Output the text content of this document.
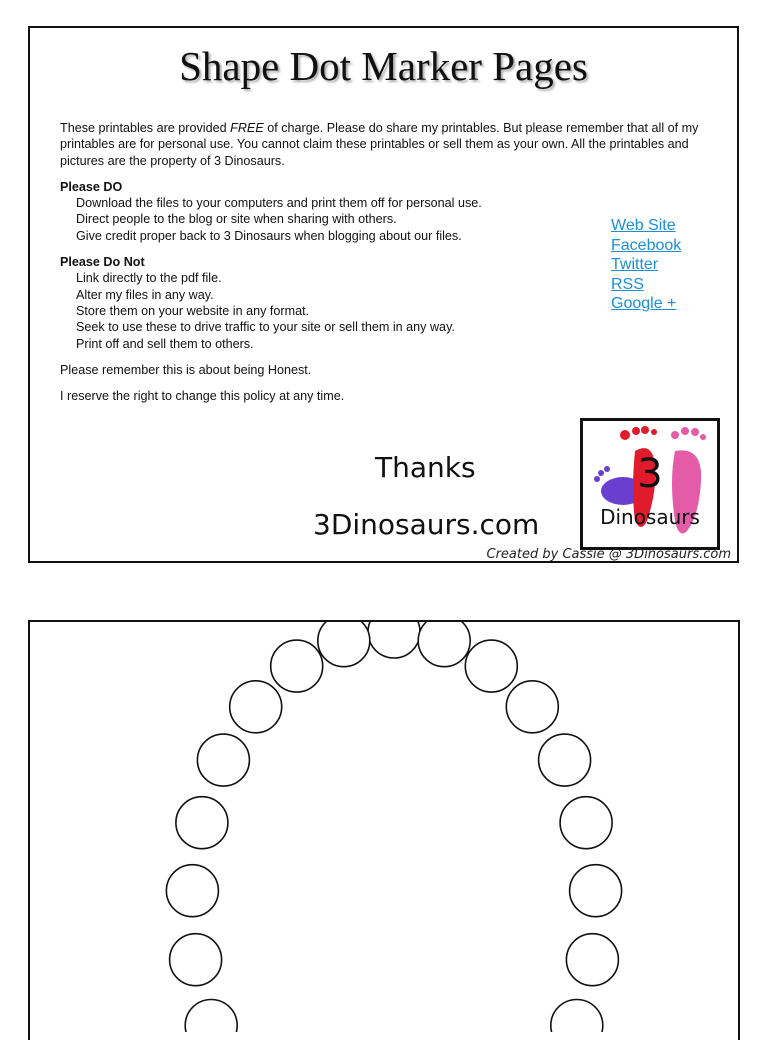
Shape Dot Marker Pages

These printables are provided FREE of charge. Please do share my printables. But please remember that all of my printables are for personal use. You cannot claim these printables or sell them as your own. All the printables and pictures are the property of 3 Dinosaurs.

Please DO

Download the files to your computers and print them off for personal use.

Direct people to the blog or site when sharing with others.

Give credit proper back to 3 Dinosaurs when blogging about our files.

Please Do Not

Link directly to the pdf file.

Alter my files in any way.

Store them on your website in any format.

Seek to use these to drive traffic to your site or sell them in any way.

Print off and sell them to others.

Please remember this is about being Honest.

I reserve the right to change this policy at any time.

Web Site
Facebook
Twitter
RSS
Google +
Thanks
3Dinosaurs.com
3
Dinosaurs
Created by Cassie @ 3Dinosaurs.com
